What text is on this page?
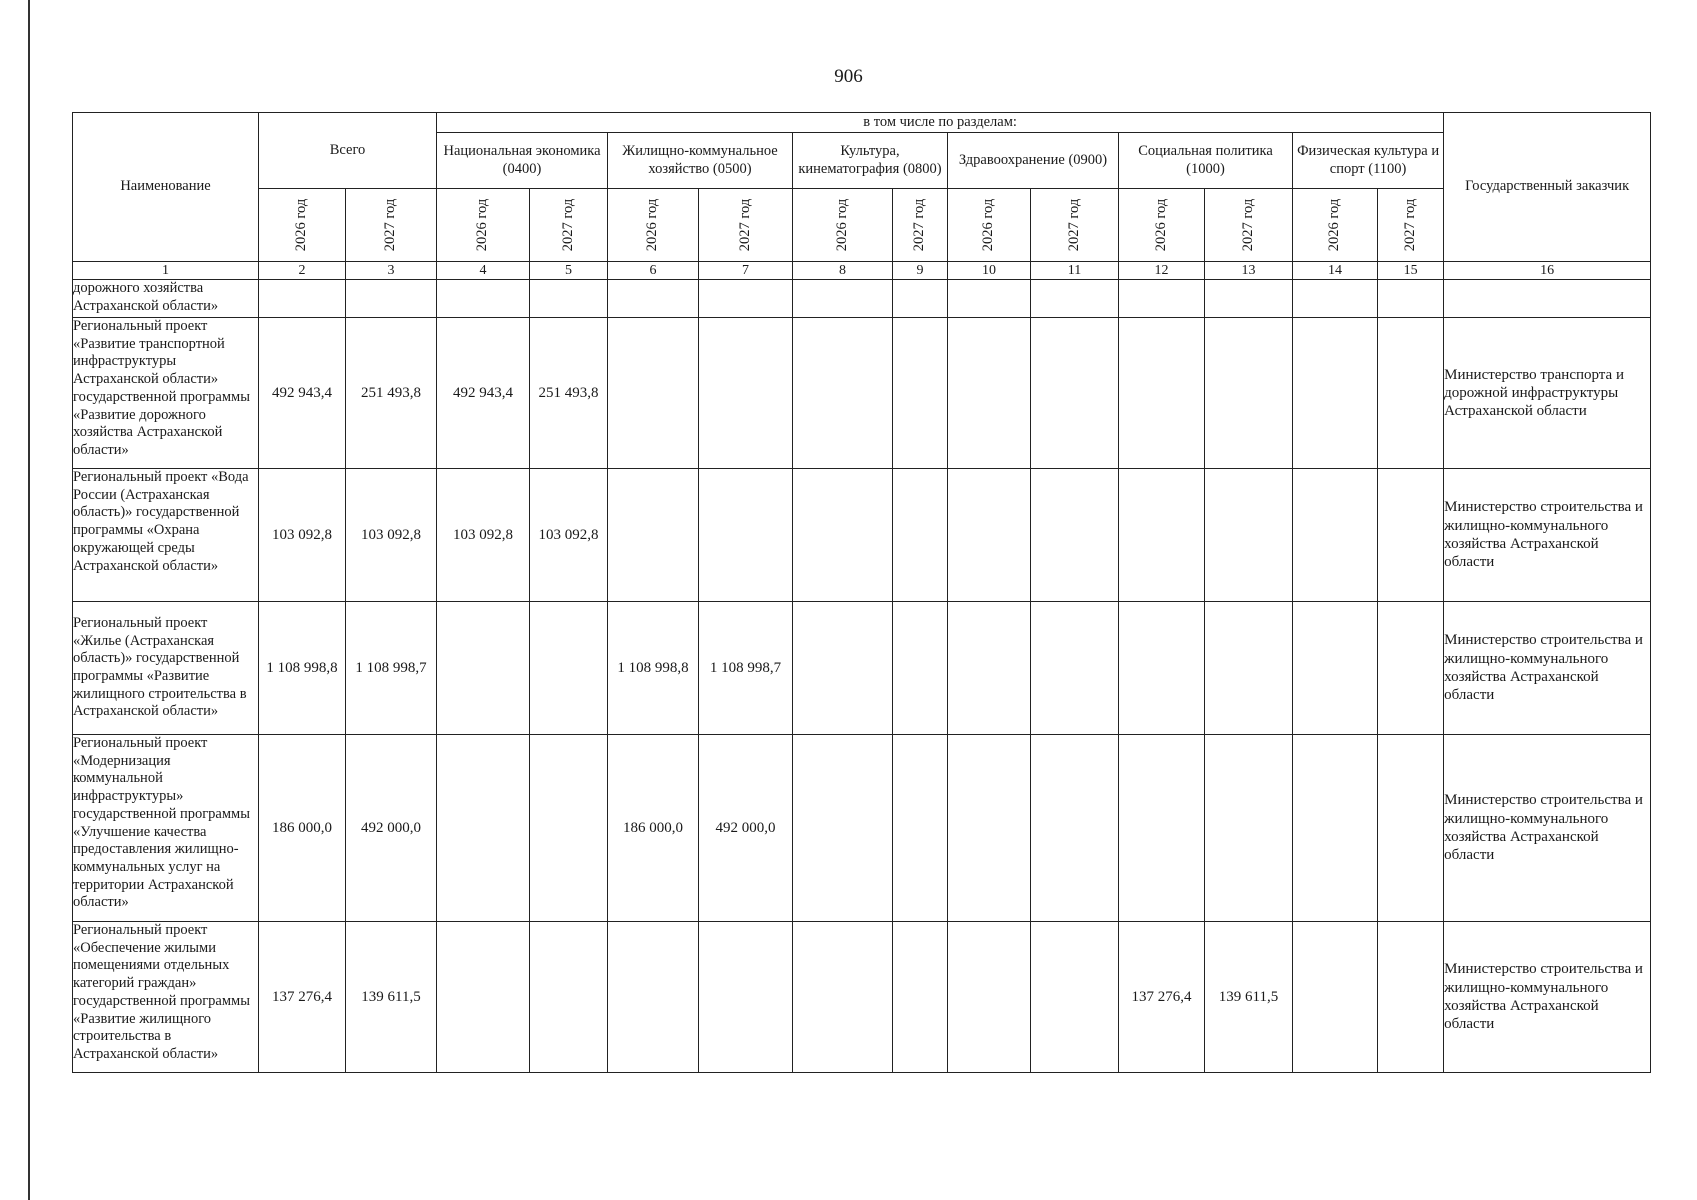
906
Наименование	Всего		в том числе по разделам:												Государственный заказчик
			Национальная экономика (0400)		Жилищно-коммунальное хозяйство (0500)		Культура, кинематография (0800)		Здравоохранение (0900)		Социальная политика (1000)		Физическая культура и спорт (1100)		

	2026 год	2027 год	2026 год	2027 год	2026 год	2027 год	2026 год	2027 год	2026 год	2027 год	2026 год	2027 год	2026 год	2027 год	

1	2	3	4	5	6	7	8	9	10	11	12	13	14	15	16
дорожного хозяйства Астраханской области»															
Региональный проект «Развитие транспортной инфраструктуры Астраханской области» государственной программы «Развитие дорожного хозяйства Астраханской области»	492 943,4	251 493,8	492 943,4	251 493,8											Министерство транспорта и дорожной инфраструктуры Астраханской области
Региональный проект «Вода России (Астраханская область)» государственной программы «Охрана окружающей среды Астраханской области»	103 092,8	103 092,8	103 092,8	103 092,8											Министерство строительства и жилищно-коммунального хозяйства Астраханской области
Региональный проект «Жилье (Астраханская область)» государственной программы «Развитие жилищного строительства в Астраханской области»	1 108 998,8	1 108 998,7			1 108 998,8	1 108 998,7									Министерство строительства и жилищно-коммунального хозяйства Астраханской области
Региональный проект «Модернизация коммунальной инфраструктуры» государственной программы «Улучшение качества предоставления жилищно-коммунальных услуг на территории Астраханской области»	186 000,0	492 000,0			186 000,0	492 000,0									Министерство строительства и жилищно-коммунального хозяйства Астраханской области
Региональный проект «Обеспечение жилыми помещениями отдельных категорий граждан» государственной программы «Развитие жилищного строительства в Астраханской области»	137 276,4	139 611,5									137 276,4	139 611,5			Министерство строительства и жилищно-коммунального хозяйства Астраханской области
